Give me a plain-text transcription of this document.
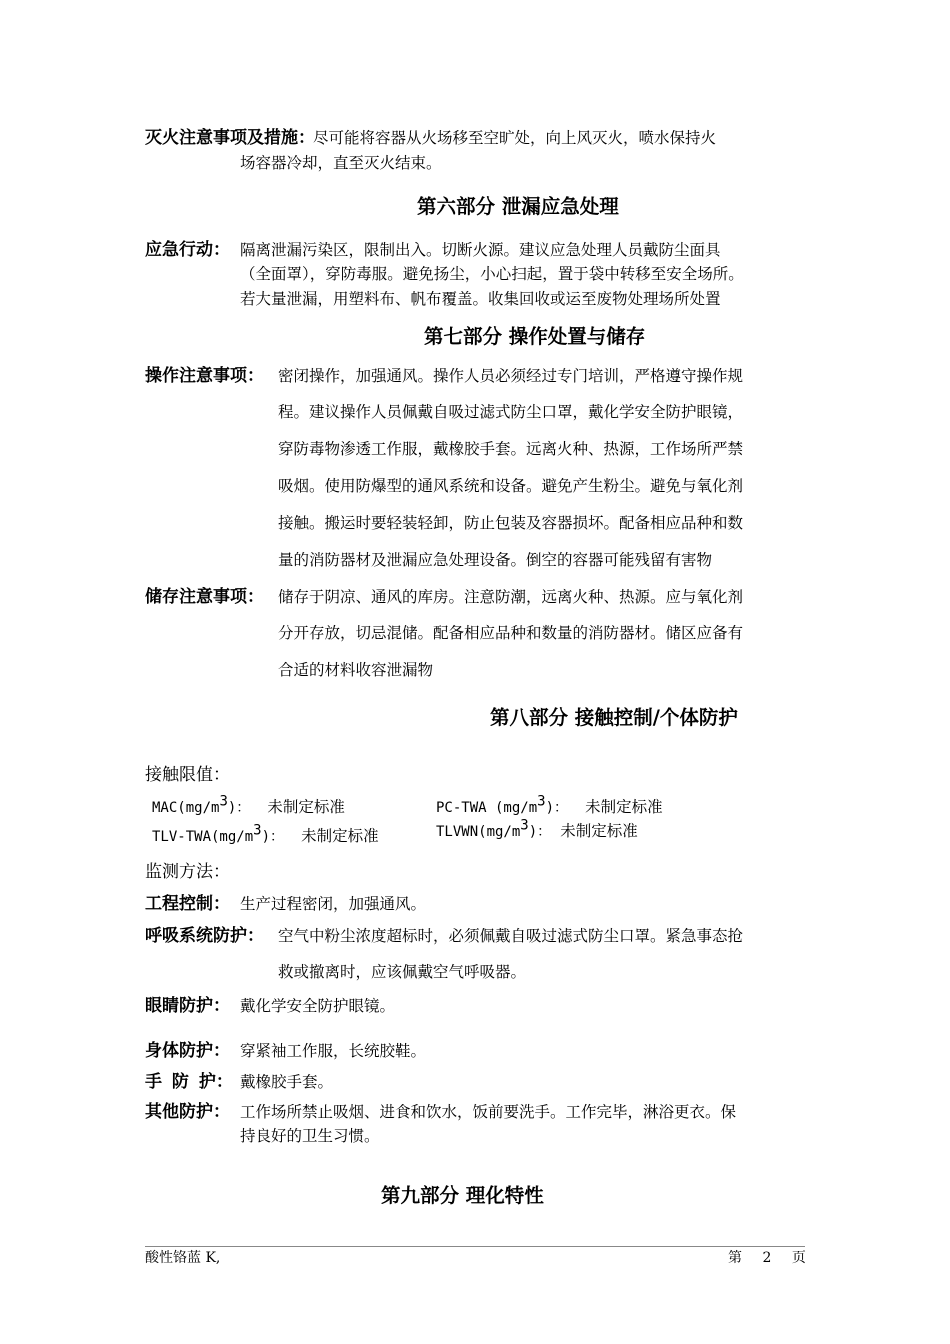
灭火注意事项及措施：
尽可能将容器从火场移至空旷处，向上风灭火，喷水保持火
场容器冷却，直至灭火结束。
第六部分 泄漏应急处理
应急行动： 隔离泄漏污染区，限制出入。切断火源。建议应急处理人员戴防尘面具
（全面罩），穿防毒服。避免扬尘，小心扫起，置于袋中转移至安全场所。
若大量泄漏，用塑料布、帆布覆盖。收集回收或运至废物处理场所处置
第七部分 操作处置与储存
操作注意事项： 密闭操作，加强通风。操作人员必须经过专门培训，严格遵守操作规
程。建议操作人员佩戴自吸过滤式防尘口罩，戴化学安全防护眼镜，
穿防毒物渗透工作服，戴橡胶手套。远离火种、热源，工作场所严禁
吸烟。使用防爆型的通风系统和设备。避免产生粉尘。避免与氧化剂
接触。搬运时要轻装轻卸，防止包装及容器损坏。配备相应品种和数
量的消防器材及泄漏应急处理设备。倒空的容器可能残留有害物
储存注意事项： 储存于阴凉、通风的库房。注意防潮，远离火种、热源。应与氧化剂
分开存放，切忌混储。配备相应品种和数量的消防器材。储区应备有
合适的材料收容泄漏物
第八部分 接触控制/个体防护
接触限值：
$MAC(mg/m^3)$： 未制定标准	PC-TWA $(mg/m^3)$： 未制定标准
TLV-$TWA(mg/m^3)$： 未制定标准	$TLVWN(mg/m^3)$： 未制定标准
监测方法：
工程控制： 生产过程密闭，加强通风。
呼吸系统防护： 空气中粉尘浓度超标时，必须佩戴自吸过滤式防尘口罩。紧急事态抢
救或撤离时，应该佩戴空气呼吸器。
眼睛防护： 戴化学安全防护眼镜。
身体防护： 穿紧袖工作服，长统胶鞋。
手 防 护： 戴橡胶手套。
其他防护： 工作场所禁止吸烟、进食和饮水，饭前要洗手。工作完毕，淋浴更衣。保
持良好的卫生习惯。
第九部分 理化特性
酸性铬蓝 K,	第 2 页
